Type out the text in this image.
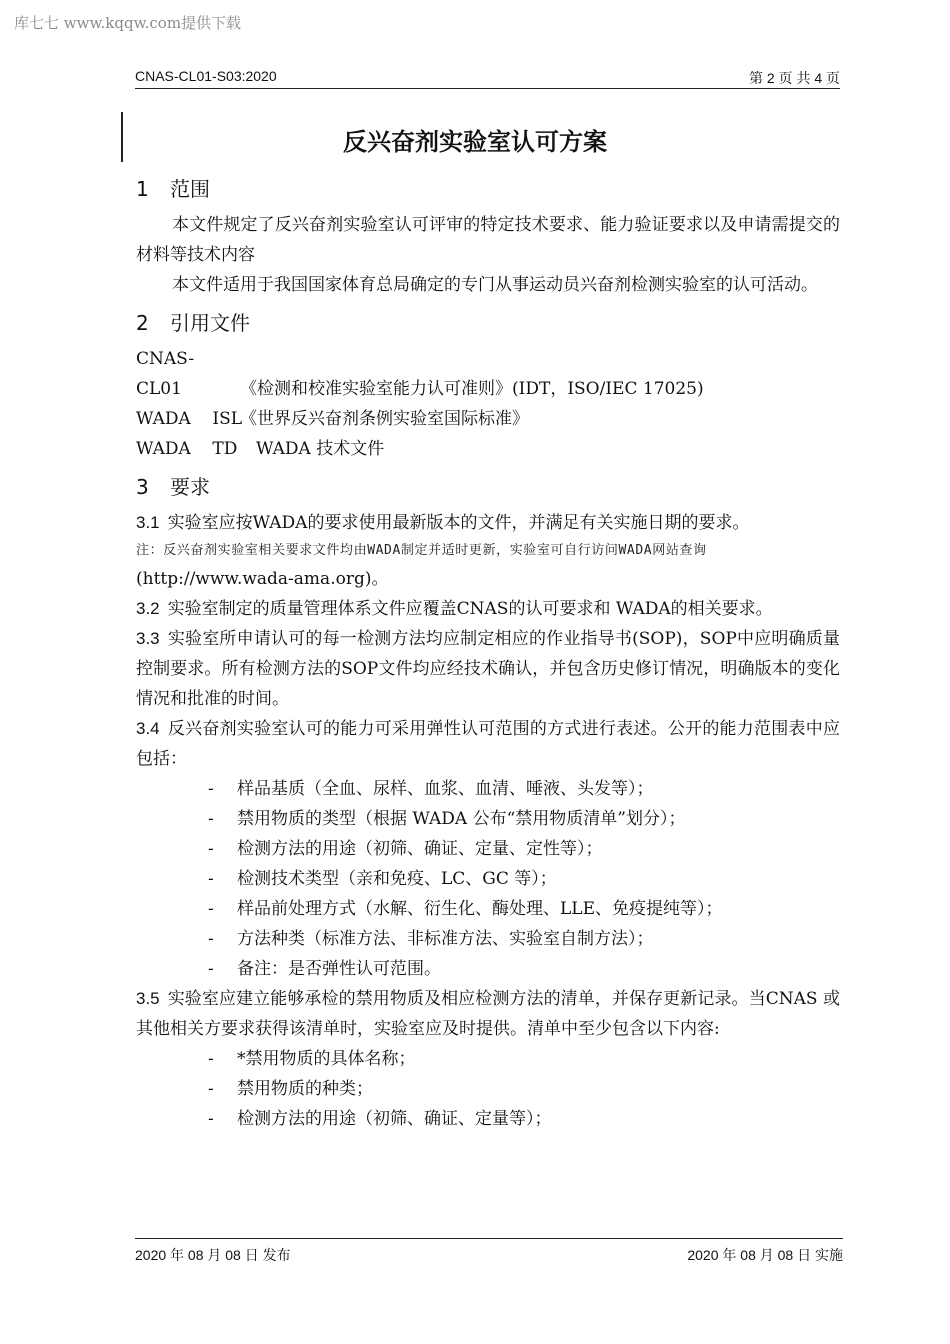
库七七 www.kqqw.com提供下载
CNAS-CL01-S03:2020	第 2 页 共 4 页
反兴奋剂实验室认可方案
1 范围

本文件规定了反兴奋剂实验室认可评审的特定技术要求、能力验证要求以及申请需提交的材料等技术内容

本文件适用于我国国家体育总局确定的专门从事运动员兴奋剂检测实验室的认可活动。

2 引用文件

CNAS-CL01	《检测和校准实验室能力认可准则》(IDT，ISO/IEC 17025)

WADA    ISL《世界反兴奋剂条例实验室国际标准》

WADA    TD WADA 技术文件

3 要求

3.1 实验室应按WADA的要求使用最新版本的文件，并满足有关实施日期的要求。

注：反兴奋剂实验室相关要求文件均由WADA制定并适时更新，实验室可自行访问WADA网站查询

(http://www.wada-ama.org)。

3.2 实验室制定的质量管理体系文件应覆盖CNAS的认可要求和 WADA的相关要求。

3.3 实验室所申请认可的每一检测方法均应制定相应的作业指导书(SOP)，SOP中应明确质量控制要求。所有检测方法的SOP文件均应经技术确认，并包含历史修订情况，明确版本的变化情况和批准的时间。

3.4 反兴奋剂实验室认可的能力可采用弹性认可范围的方式进行表述。公开的能力范围表中应包括：

- 样品基质（全血、尿样、血浆、血清、唾液、头发等）；
- 禁用物质的类型（根据 WADA 公布“禁用物质清单”划分）；
- 检测方法的用途（初筛、确证、定量、定性等）；
- 检测技术类型（亲和免疫、LC、GC 等）；
- 样品前处理方式（水解、衍生化、酶处理、LLE、免疫提纯等）；
- 方法种类（标准方法、非标准方法、实验室自制方法）；
- 备注：是否弹性认可范围。

3.5 实验室应建立能够承检的禁用物质及相应检测方法的清单，并保存更新记录。当CNAS 或其他相关方要求获得该清单时，实验室应及时提供。清单中至少包含以下内容:

- *禁用物质的具体名称；
- 禁用物质的种类；
- 检测方法的用途（初筛、确证、定量等）；
2020 年 08 月 08 日 发布	2020 年 08 月 08 日 实施
